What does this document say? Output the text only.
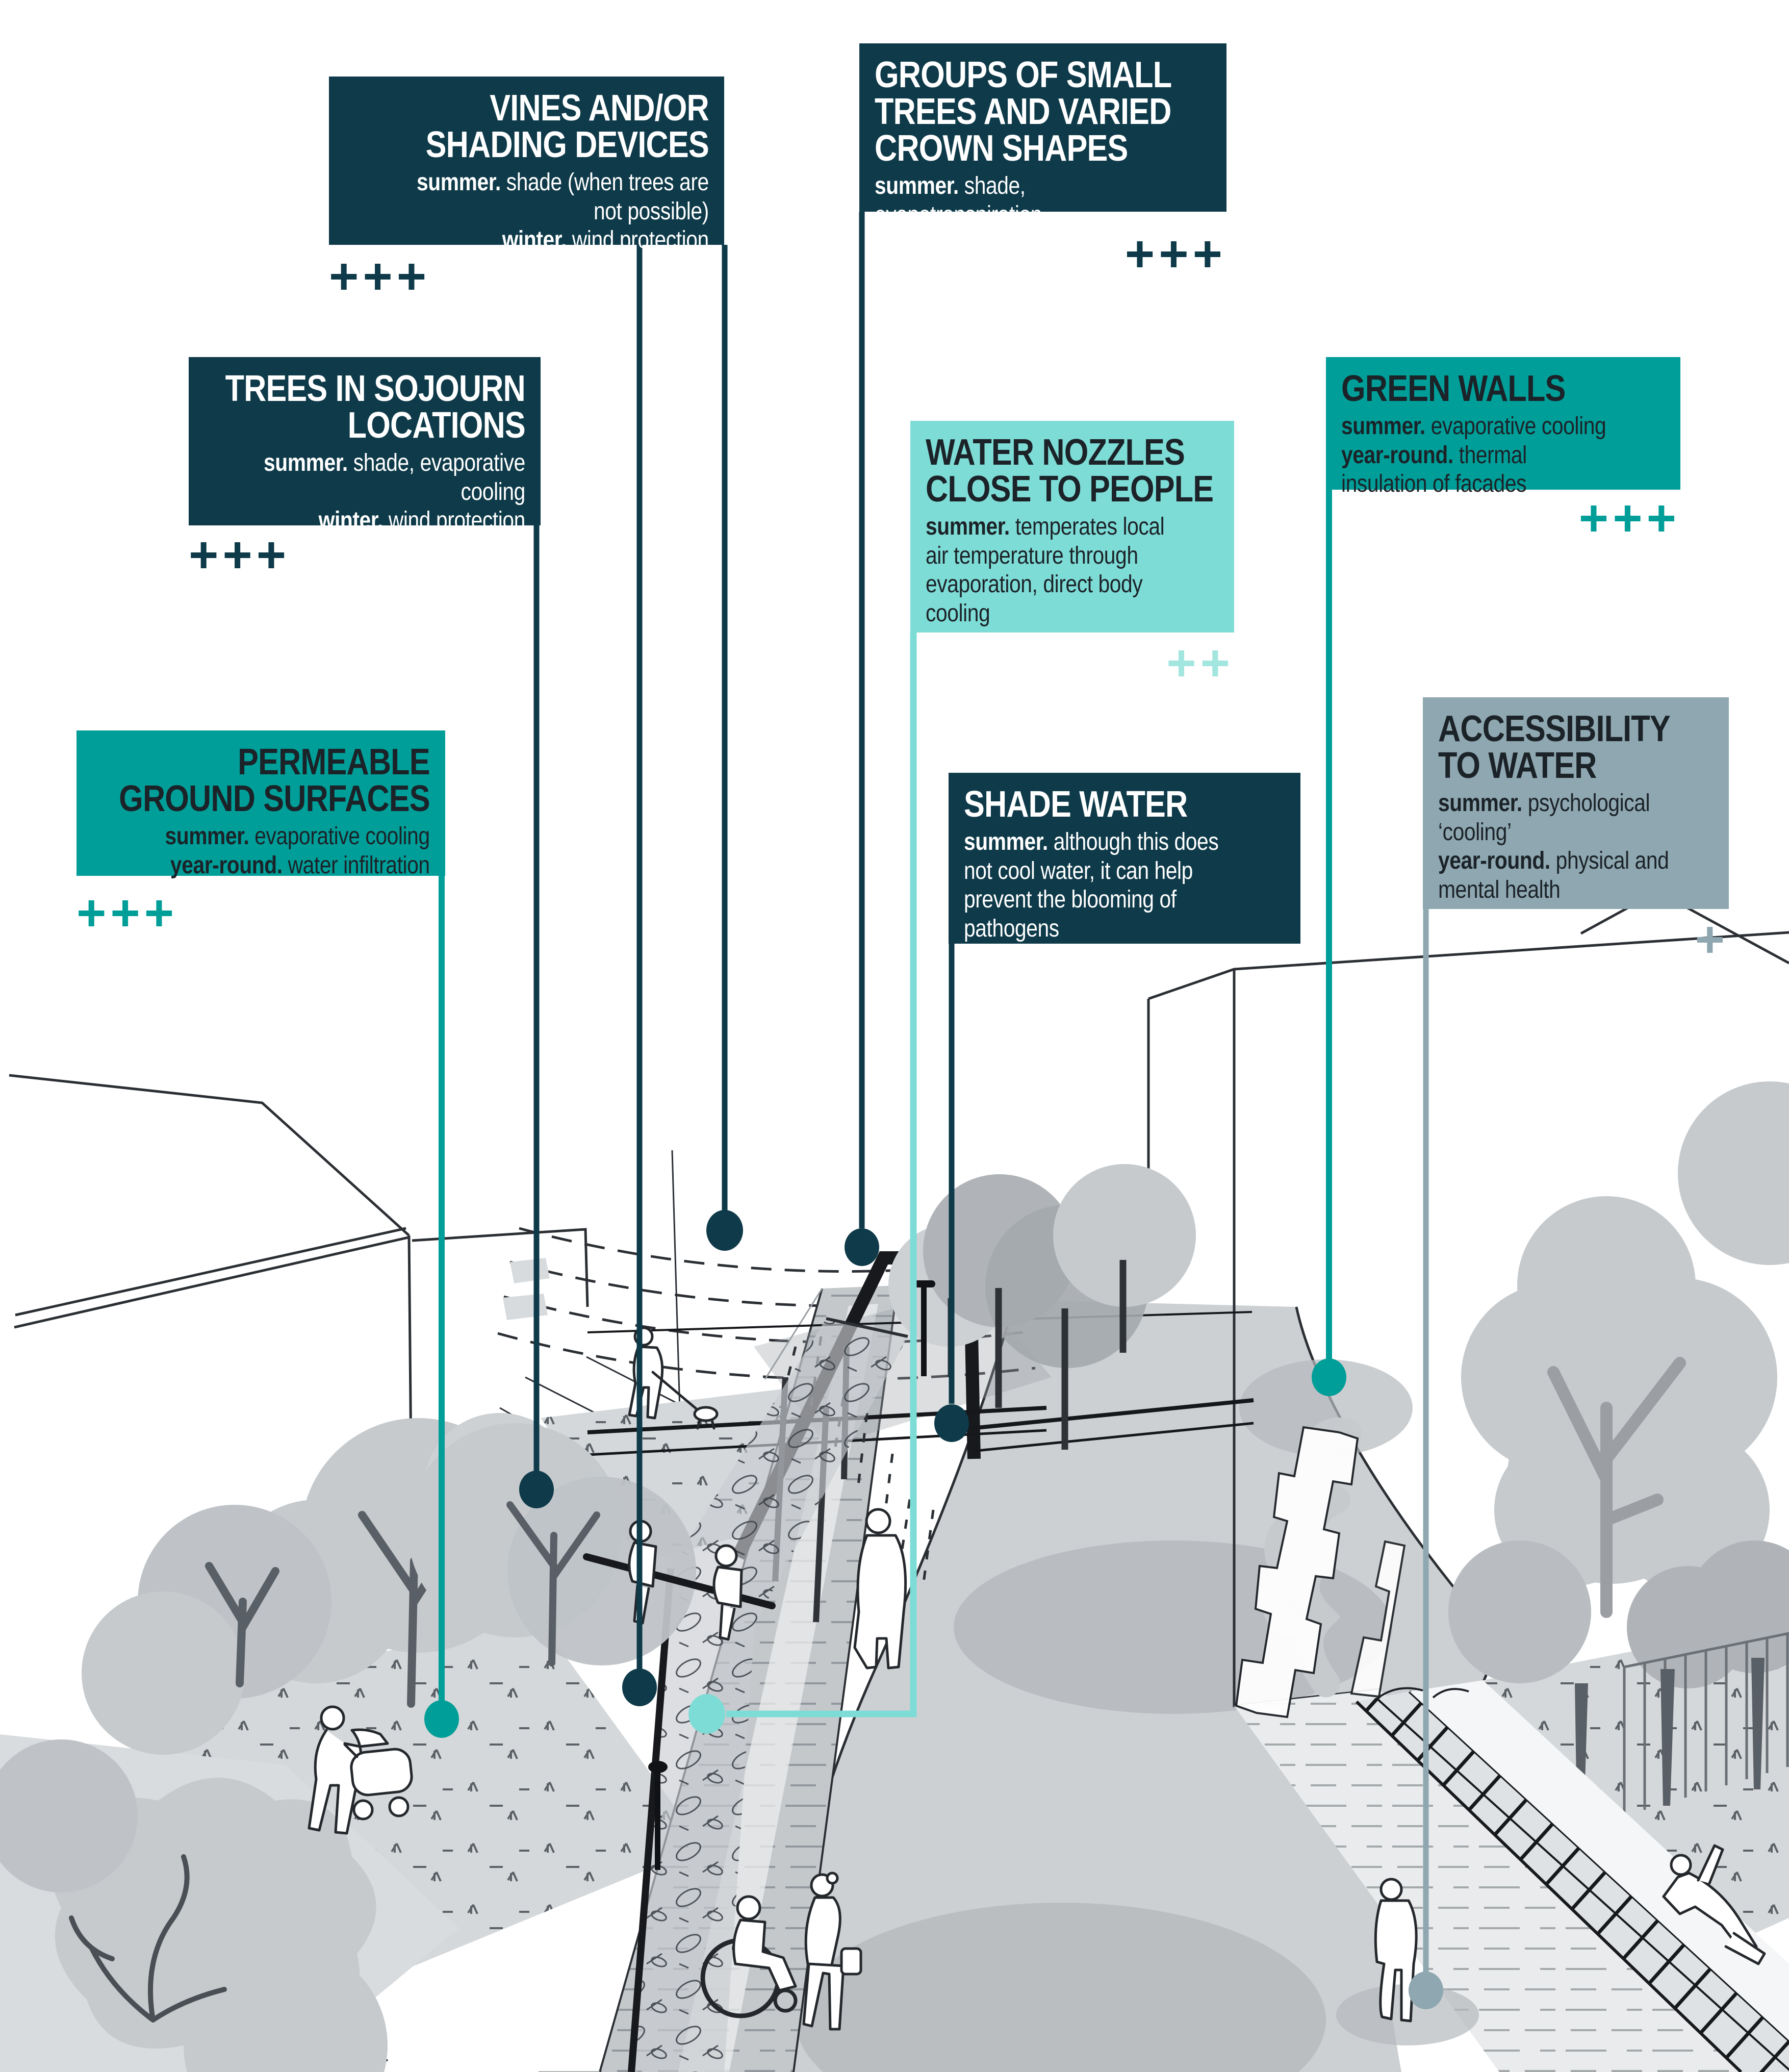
VINES AND/OR
SHADING DEVICES
summer. shade (when trees are
not possible)
winter. wind protection
+++
GROUPS OF SMALL
TREES AND VARIED
CROWN SHAPES
summer. shade,
evapotranspiration
winter. wind protection +++
TREES IN SOJOURN
LOCATIONS
summer. shade, evaporative
cooling
winter. wind protection
+++
GREEN WALLS
summer. evaporative cooling
year-round. thermal
insulation of facades
+++
WATER NOZZLES
CLOSE TO PEOPLE
summer. temperates local
air temperature through
evaporation, direct body
cooling
++
PERMEABLE
GROUND SURFACES
summer. evaporative cooling
year-round. water infiltration
+++
SHADE WATER
summer. although this does
not cool water, it can help
prevent the blooming of
pathogens
ACCESSIBILITY
TO WATER
summer. psychological
‘cooling’
year-round. physical and
mental health
+
